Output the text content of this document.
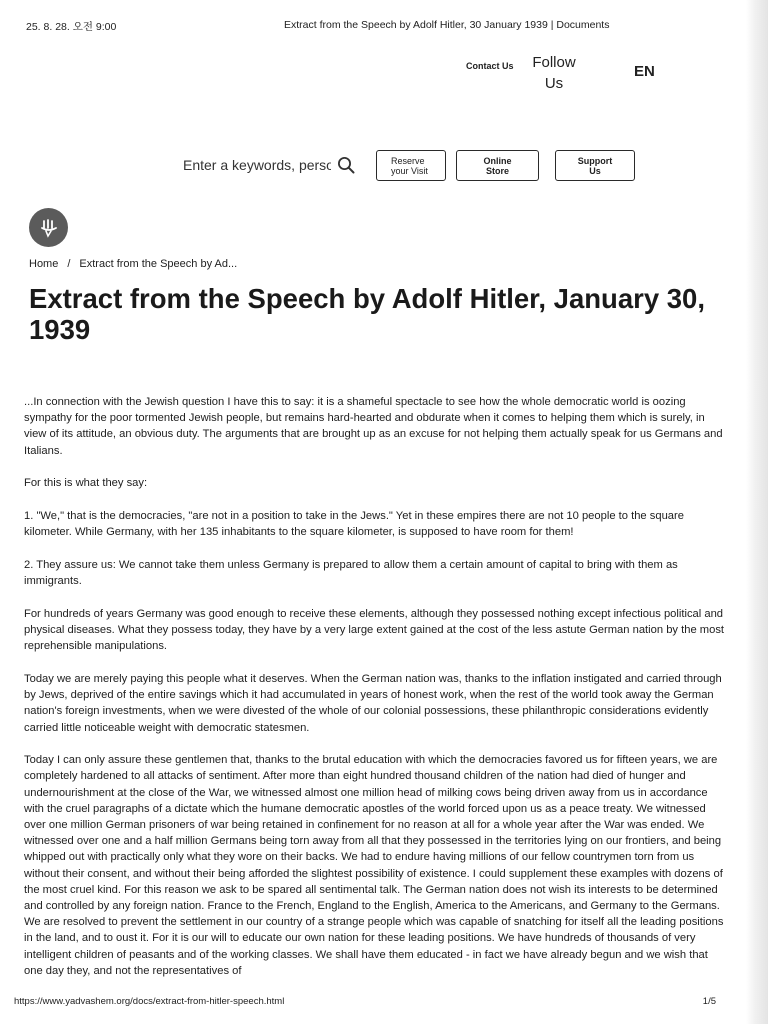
25. 8. 28. 오전 9:00	Extract from the Speech by Adolf Hitler, 30 January 1939 | Documents
Contact Us	Follow Us
EN
Enter a keywords, persor
Reserve your Visit
Online Store
Support Us
Home / Extract from the Speech by Ad...
Extract from the Speech by Adolf Hitler, January 30, 1939

...In connection with the Jewish question I have this to say: it is a shameful spectacle to see how the whole democratic world is oozing sympathy for the poor tormented Jewish people, but remains hard-hearted and obdurate when it comes to helping them which is surely, in view of its attitude, an obvious duty. The arguments that are brought up as an excuse for not helping them actually speak for us Germans and Italians.

For this is what they say:

1. "We," that is the democracies, "are not in a position to take in the Jews." Yet in these empires there are not 10 people to the square kilometer. While Germany, with her 135 inhabitants to the square kilometer, is supposed to have room for them!

2. They assure us: We cannot take them unless Germany is prepared to allow them a certain amount of capital to bring with them as immigrants.

For hundreds of years Germany was good enough to receive these elements, although they possessed nothing except infectious political and physical diseases. What they possess today, they have by a very large extent gained at the cost of the less astute German nation by the most reprehensible manipulations.

Today we are merely paying this people what it deserves. When the German nation was, thanks to the inflation instigated and carried through by Jews, deprived of the entire savings which it had accumulated in years of honest work, when the rest of the world took away the German nation's foreign investments, when we were divested of the whole of our colonial possessions, these philanthropic considerations evidently carried little noticeable weight with democratic statesmen.

Today I can only assure these gentlemen that, thanks to the brutal education with which the democracies favored us for fifteen years, we are completely hardened to all attacks of sentiment. After more than eight hundred thousand children of the nation had died of hunger and undernourishment at the close of the War, we witnessed almost one million head of milking cows being driven away from us in accordance with the cruel paragraphs of a dictate which the humane democratic apostles of the world forced upon us as a peace treaty. We witnessed over one million German prisoners of war being retained in confinement for no reason at all for a whole year after the War was ended. We witnessed over one and a half million Germans being torn away from all that they possessed in the territories lying on our frontiers, and being whipped out with practically only what they wore on their backs. We had to endure having millions of our fellow countrymen torn from us without their consent, and without their being afforded the slightest possibility of existence. I could supplement these examples with dozens of the most cruel kind. For this reason we ask to be spared all sentimental talk. The German nation does not wish its interests to be determined and controlled by any foreign nation. France to the French, England to the English, America to the Americans, and Germany to the Germans. We are resolved to prevent the settlement in our country of a strange people which was capable of snatching for itself all the leading positions in the land, and to oust it. For it is our will to educate our own nation for these leading positions. We have hundreds of thousands of very intelligent children of peasants and of the working classes. We shall have them educated - in fact we have already begun and we wish that one day they, and not the representatives of

https://www.yadvashem.org/docs/extract-from-hitler-speech.html	1/5
